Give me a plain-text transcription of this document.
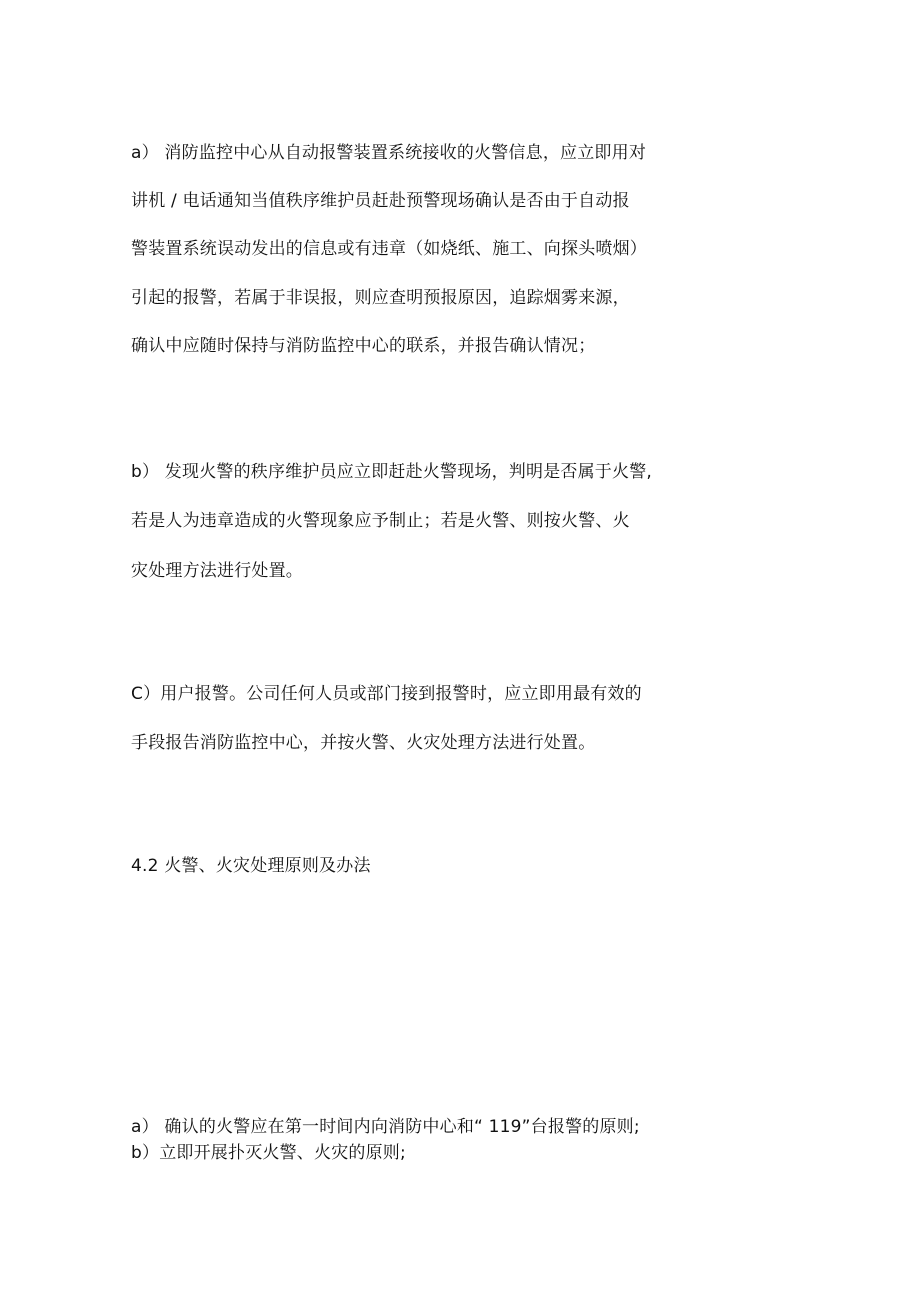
a） 消防监控中心从自动报警装置系统接收的火警信息，应立即用对
讲机 / 电话通知当值秩序维护员赶赴预警现场确认是否由于自动报
警装置系统误动发出的信息或有违章（如烧纸、施工、向探头喷烟）
引起的报警，若属于非误报，则应查明预报原因，追踪烟雾来源，
确认中应随时保持与消防监控中心的联系，并报告确认情况；
b） 发现火警的秩序维护员应立即赶赴火警现场，判明是否属于火警,
若是人为违章造成的火警现象应予制止；若是火警、则按火警、火
灾处理方法进行处置。
C）用户报警。公司任何人员或部门接到报警时，应立即用最有效的
手段报告消防监控中心，并按火警、火灾处理方法进行处置。
4.2 火警、火灾处理原则及办法
a） 确认的火警应在第一时间内向消防中心和“ 119”台报警的原则;
b）立即开展扑灭火警、火灾的原则;
